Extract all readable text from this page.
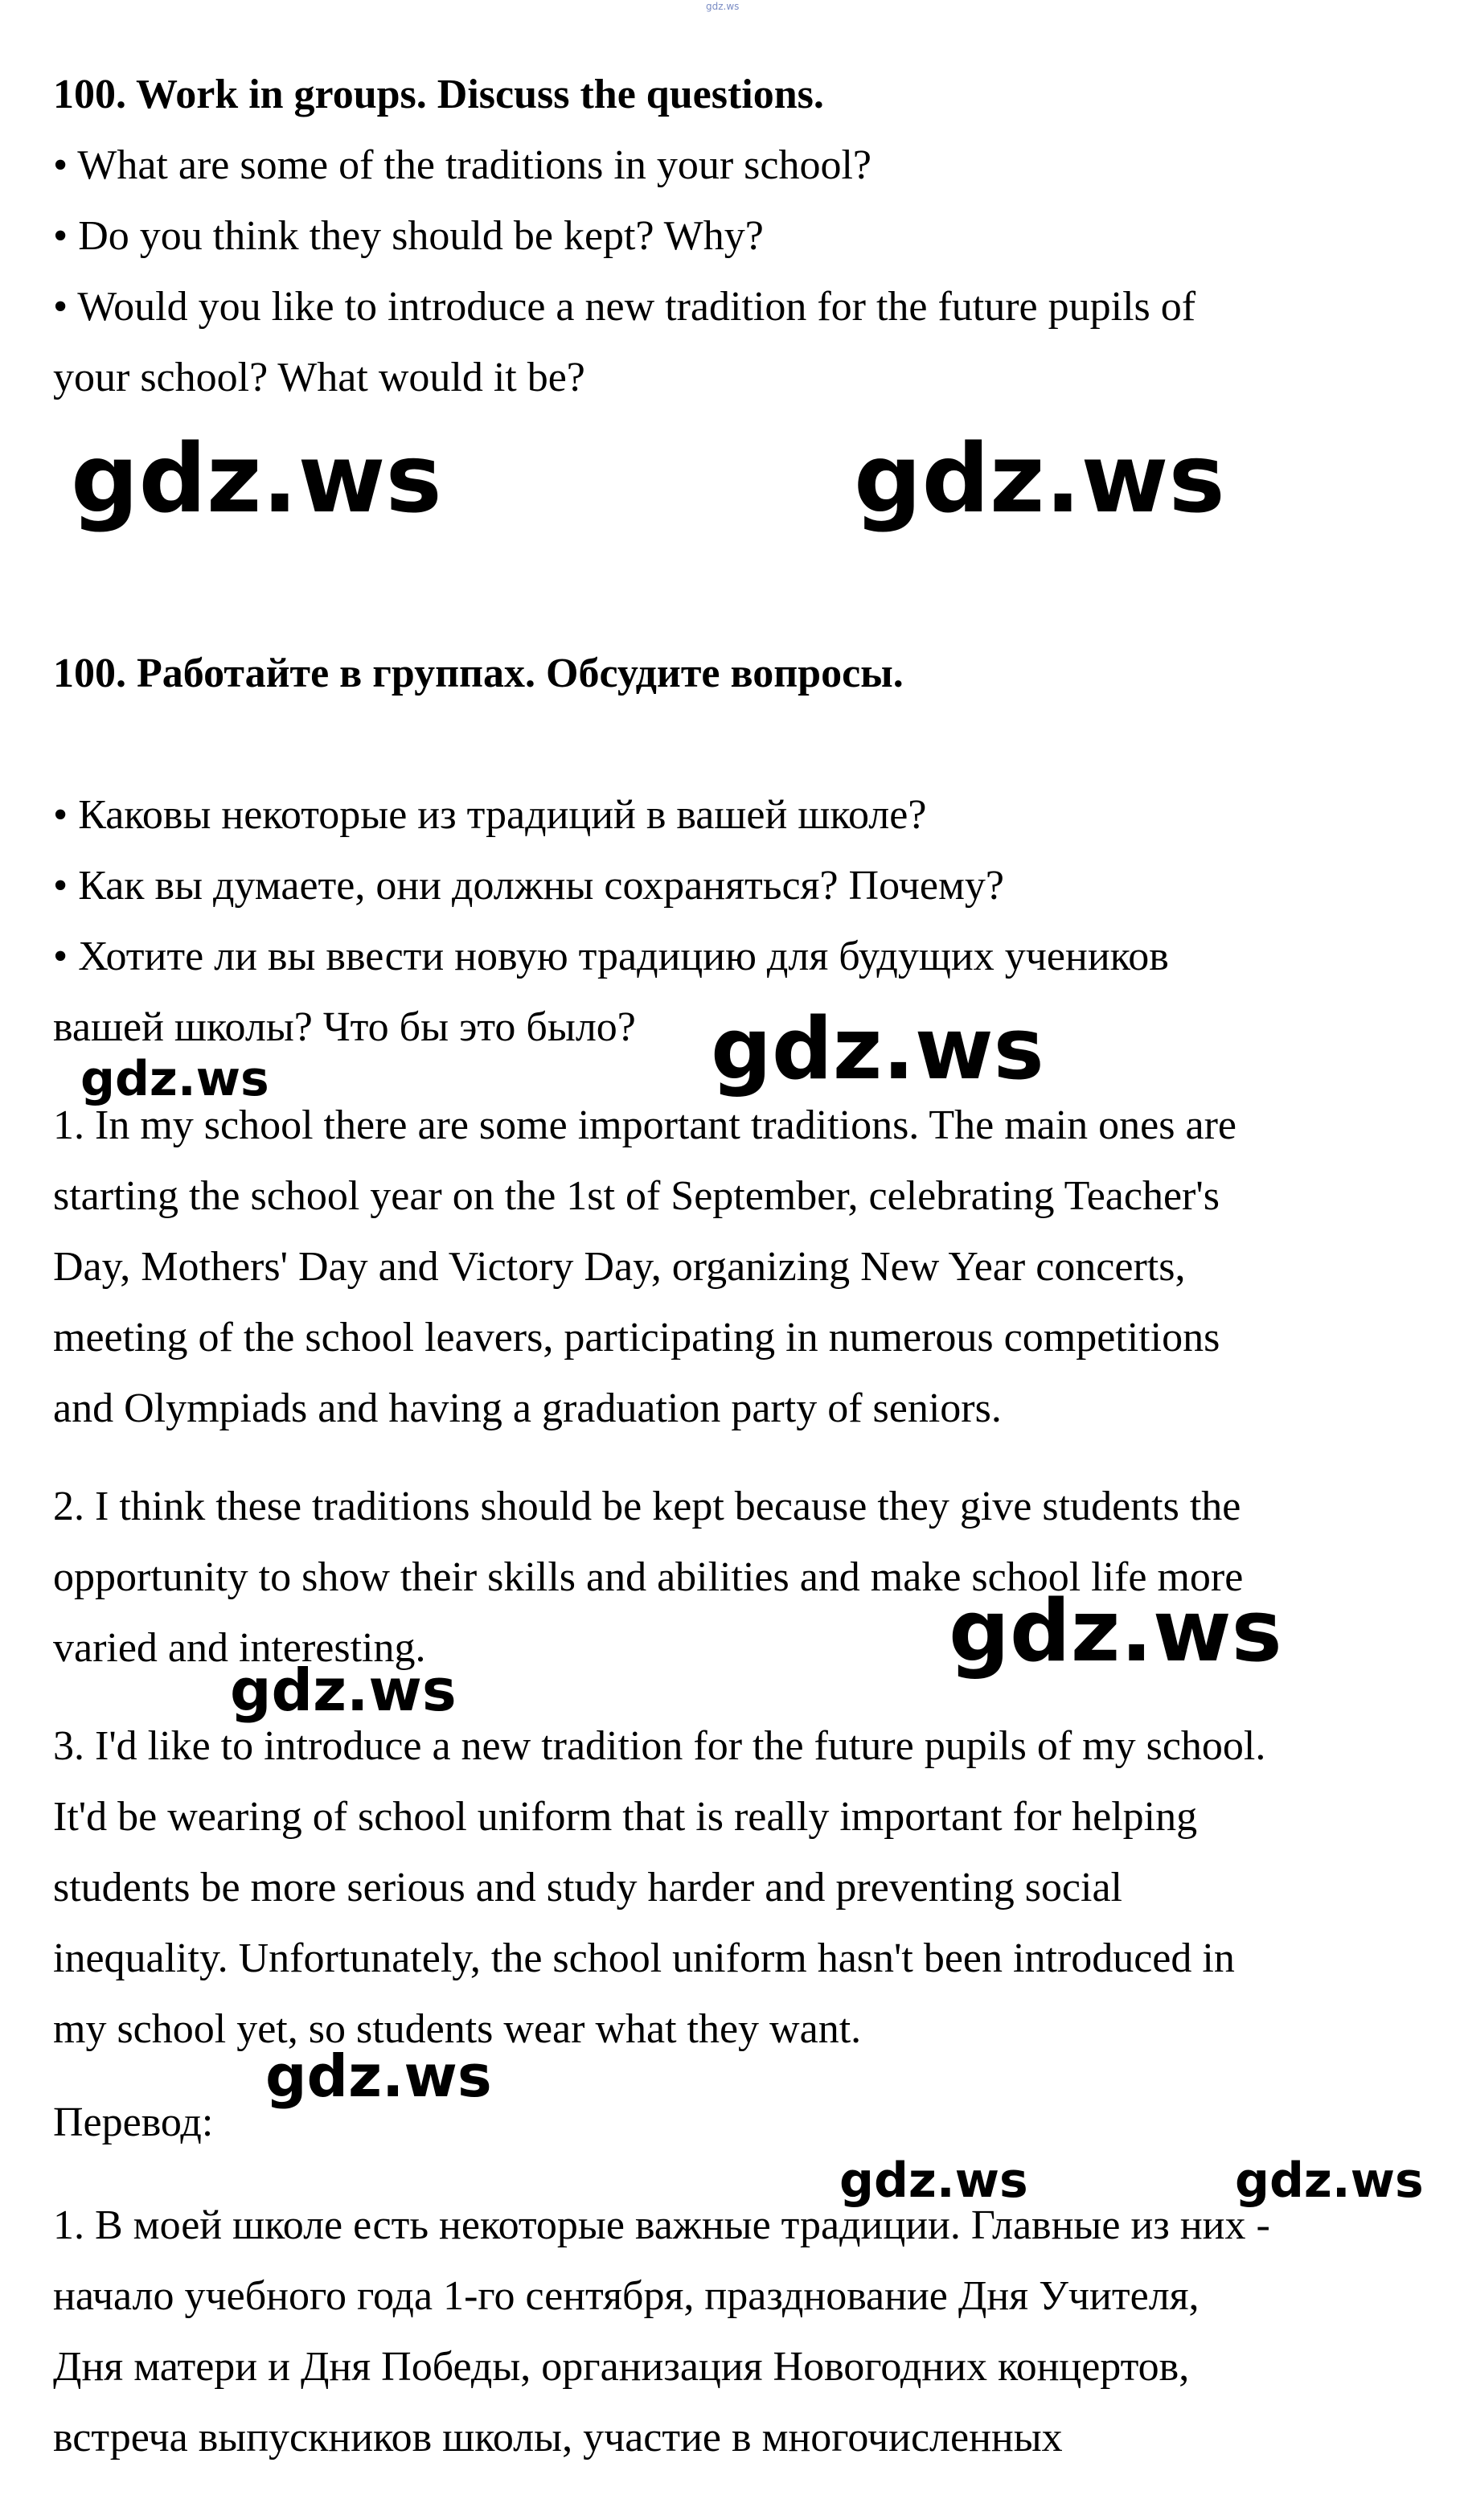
gdz.ws
100. Work in groups. Discuss the questions.
• What are some of the traditions in your school?
• Do you think they should be kept? Why?
• Would you like to introduce a new tradition for the future pupils of
your school? What would it be?
gdz.ws	gdz.ws
100. Работайте в группах. Обсудите вопросы.
• Каковы некоторые из традиций в вашей школе?
• Как вы думаете, они должны сохраняться? Почему?
• Хотите ли вы ввести новую традицию для будущих учеников
вашей школы? Что бы это было? gdz.ws
gdz.ws
1. In my school there are some important traditions. The main ones are
starting the school year on the 1st of September, celebrating Teacher's
Day, Mothers' Day and Victory Day, organizing New Year concerts,
meeting of the school leavers, participating in numerous competitions
and Olympiads and having a graduation party of seniors.
2. I think these traditions should be kept because they give students the
opportunity to show their skills and abilities and make school life more
varied and interesting.	gdz.ws
gdz.ws
3. I'd like to introduce a new tradition for the future pupils of my school.
It'd be wearing of school uniform that is really important for helping
students be more serious and study harder and preventing social
inequality. Unfortunately, the school uniform hasn't been introduced in
my school yet, so students wear what they want.
gdz.ws
Перевод:
gdz.ws	gdz.ws
1. В моей школе есть некоторые важные традиции. Главные из них -
начало учебного года 1-го сентября, празднование Дня Учителя,
Дня матери и Дня Победы, организация Новогодних концертов,
встреча выпускников школы, участие в многочисленных
